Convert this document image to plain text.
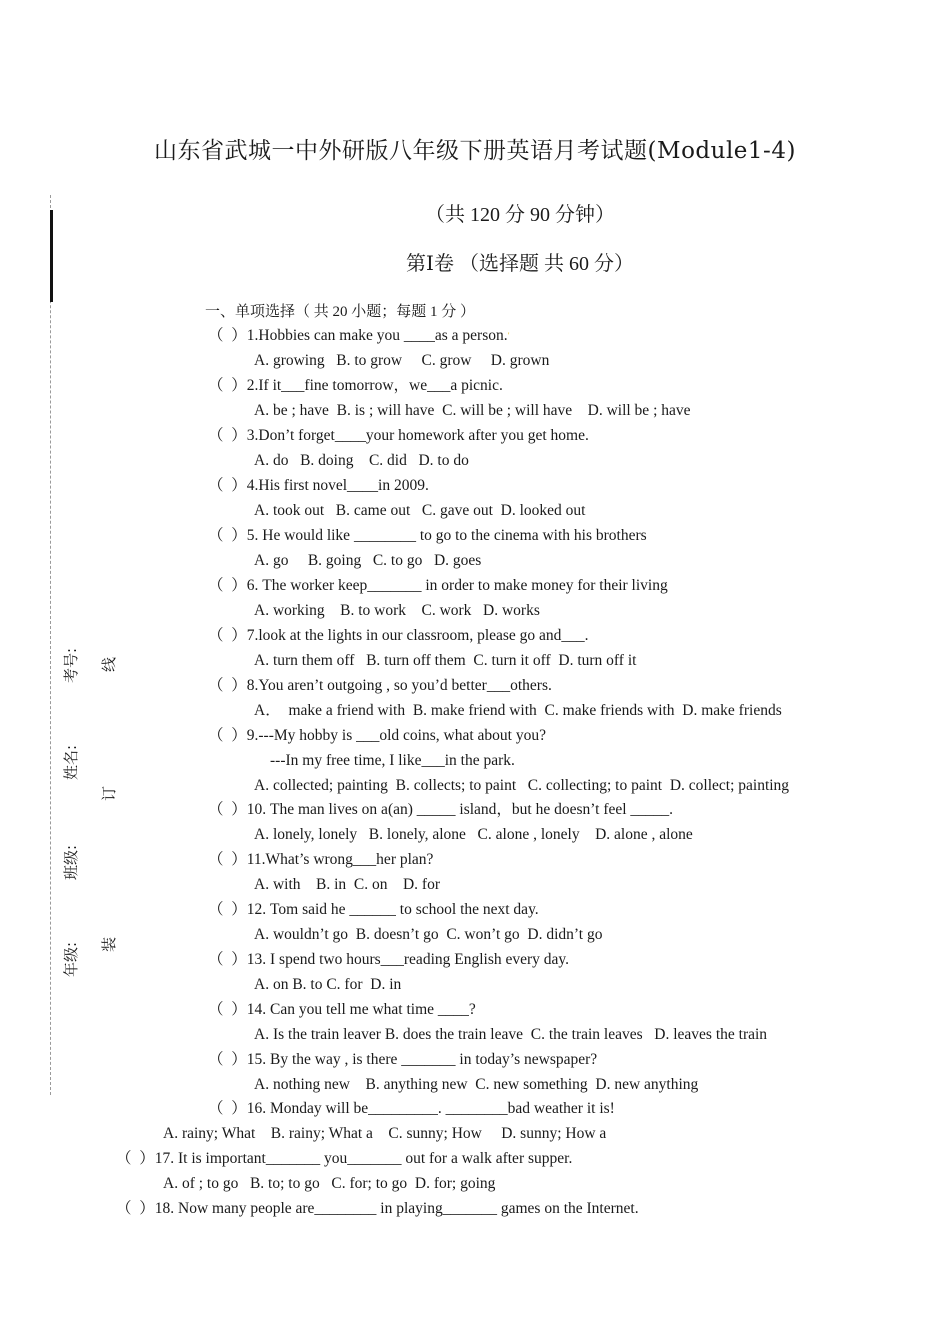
山东省武城一中外研版八年级下册英语月考试题(Module1-4)
（共 120 分 90 分钟）
第Ⅰ卷 （选择题 共 60 分）
一、单项选择（ 共 20 小题；每题 1 分 ）
考号:
姓名:
班级:
年级:
线
订
装
'
（  ）1.Hobbies can make you ____as a person.
A. growing   B. to grow     C. grow     D. grown
（  ）2.If it___fine tomorrow，we___a picnic.
A. be ; have  B. is ; will have  C. will be ; will have    D. will be ; have
（  ）3.Don’t forget____your homework after you get home.
A. do   B. doing    C. did   D. to do
（  ）4.His first novel____in 2009.
A. took out   B. came out   C. gave out  D. looked out
（  ）5. He would like ________ to go to the cinema with his brothers
A. go     B. going   C. to go   D. goes
（  ）6. The worker keep_______ in order to make money for their living
A. working    B. to work    C. work   D. works
（  ）7.look at the lights in our classroom, please go and___.
A. turn them off   B. turn off them  C. turn it off  D. turn off it
（  ）8.You aren’t outgoing , so you’d better___others.
A．  make a friend with  B. make friend with  C. make friends with  D. make friends
（  ）9.---My hobby is ___old coins, what about you?
---In my free time, I like___in the park.
A. collected; painting  B. collects; to paint   C. collecting; to paint  D. collect; painting
（  ）10. The man lives on a(an) _____ island，but he doesn’t feel _____.
A. lonely, lonely   B. lonely, alone   C. alone , lonely    D. alone , alone
（  ）11.What’s wrong___her plan?
A. with    B. in  C. on    D. for
（  ）12. Tom said he ______ to school the next day.
A. wouldn’t go  B. doesn’t go  C. won’t go  D. didn’t go
（  ）13. I spend two hours___reading English every day.
A. on B. to C. for  D. in
（  ）14. Can you tell me what time ____?
A. Is the train leaver B. does the train leave  C. the train leaves   D. leaves the train
（  ）15. By the way , is there _______ in today’s newspaper?
A. nothing new    B. anything new  C. new something  D. new anything
（  ）16. Monday will be_________. ________bad weather it is!
A. rainy; What    B. rainy; What a    C. sunny; How     D. sunny; How a
（  ）17. It is important_______ you_______ out for a walk after supper.
A. of ; to go   B. to; to go   C. for; to go  D. for; going
（  ）18. Now many people are________ in playing_______ games on the Internet.
